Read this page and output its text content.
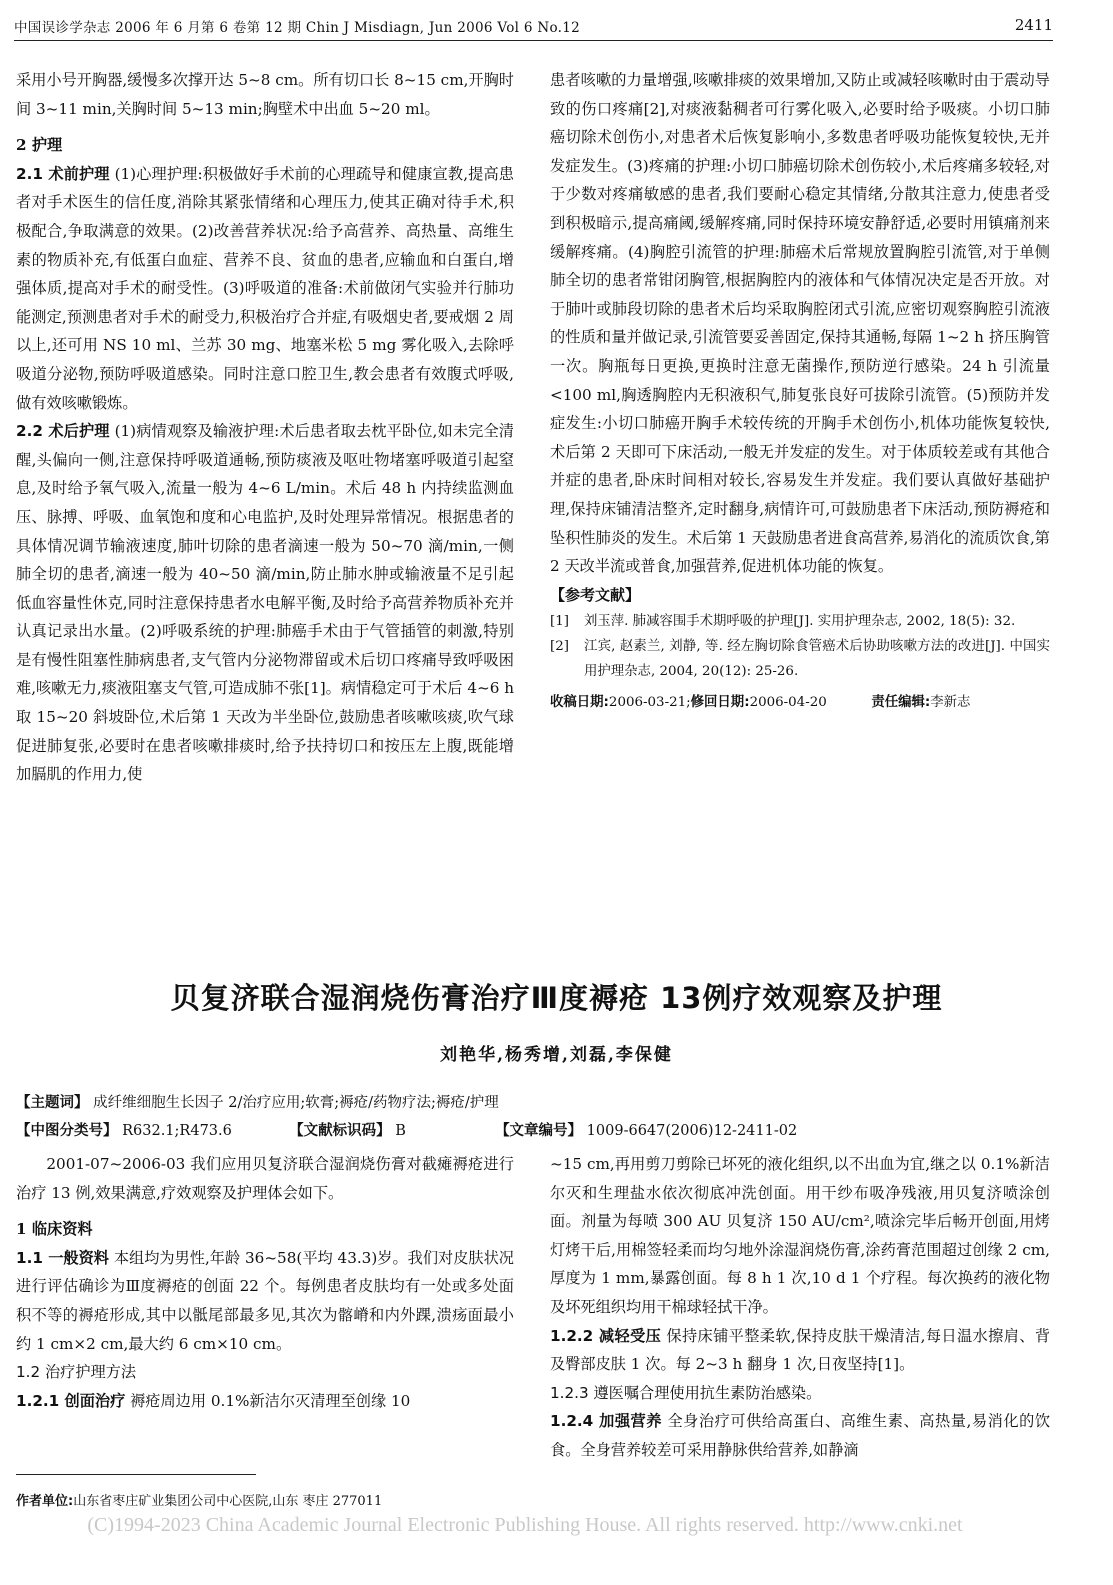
中国误诊学杂志 2006 年 6 月第 6 卷第 12 期 Chin J Misdiagn, Jun 2006 Vol 6 No.12	2411

采用小号开胸器,缓慢多次撑开达 5~8 cm。所有切口长 8~15 cm,开胸时间 3~11 min,关胸时间 5~13 min;胸壁术中出血 5~20 ml。

2 护理

2.1 术前护理 (1)心理护理:积极做好手术前的心理疏导和健康宣教,提高患者对手术医生的信任度,消除其紧张情绪和心理压力,使其正确对待手术,积极配合,争取满意的效果。(2)改善营养状况:给予高营养、高热量、高维生素的物质补充,有低蛋白血症、营养不良、贫血的患者,应输血和白蛋白,增强体质,提高对手术的耐受性。(3)呼吸道的准备:术前做闭气实验并行肺功能测定,预测患者对手术的耐受力,积极治疗合并症,有吸烟史者,要戒烟 2 周以上,还可用 NS 10 ml、兰苏 30 mg、地塞米松 5 mg 雾化吸入,去除呼吸道分泌物,预防呼吸道感染。同时注意口腔卫生,教会患者有效腹式呼吸,做有效咳嗽锻炼。

2.2 术后护理 (1)病情观察及输液护理:术后患者取去枕平卧位,如未完全清醒,头偏向一侧,注意保持呼吸道通畅,预防痰液及呕吐物堵塞呼吸道引起窒息,及时给予氧气吸入,流量一般为 4~6 L/min。术后 48 h 内持续监测血压、脉搏、呼吸、血氧饱和度和心电监护,及时处理异常情况。根据患者的具体情况调节输液速度,肺叶切除的患者滴速一般为 50~70 滴/min,一侧肺全切的患者,滴速一般为 40~50 滴/min,防止肺水肿或输液量不足引起低血容量性休克,同时注意保持患者水电解平衡,及时给予高营养物质补充并认真记录出水量。(2)呼吸系统的护理:肺癌手术由于气管插管的刺激,特别是有慢性阻塞性肺病患者,支气管内分泌物滞留或术后切口疼痛导致呼吸困难,咳嗽无力,痰液阻塞支气管,可造成肺不张[1]。病情稳定可于术后 4~6 h 取 15~20 斜坡卧位,术后第 1 天改为半坐卧位,鼓励患者咳嗽咳痰,吹气球促进肺复张,必要时在患者咳嗽排痰时,给予扶持切口和按压左上腹,既能增加膈肌的作用力,使

患者咳嗽的力量增强,咳嗽排痰的效果增加,又防止或减轻咳嗽时由于震动导致的伤口疼痛[2],对痰液黏稠者可行雾化吸入,必要时给予吸痰。小切口肺癌切除术创伤小,对患者术后恢复影响小,多数患者呼吸功能恢复较快,无并发症发生。(3)疼痛的护理:小切口肺癌切除术创伤较小,术后疼痛多较轻,对于少数对疼痛敏感的患者,我们要耐心稳定其情绪,分散其注意力,使患者受到积极暗示,提高痛阈,缓解疼痛,同时保持环境安静舒适,必要时用镇痛剂来缓解疼痛。(4)胸腔引流管的护理:肺癌术后常规放置胸腔引流管,对于单侧肺全切的患者常钳闭胸管,根据胸腔内的液体和气体情况决定是否开放。对于肺叶或肺段切除的患者术后均采取胸腔闭式引流,应密切观察胸腔引流液的性质和量并做记录,引流管要妥善固定,保持其通畅,每隔 1~2 h 挤压胸管一次。胸瓶每日更换,更换时注意无菌操作,预防逆行感染。24 h 引流量<100 ml,胸透胸腔内无积液积气,肺复张良好可拔除引流管。(5)预防并发症发生:小切口肺癌开胸手术较传统的开胸手术创伤小,机体功能恢复较快,术后第 2 天即可下床活动,一般无并发症的发生。对于体质较差或有其他合并症的患者,卧床时间相对较长,容易发生并发症。我们要认真做好基础护理,保持床铺清洁整齐,定时翻身,病情许可,可鼓励患者下床活动,预防褥疮和坠积性肺炎的发生。术后第 1 天鼓励患者进食高营养,易消化的流质饮食,第 2 天改半流或普食,加强营养,促进机体功能的恢复。

【参考文献】

[1] 刘玉萍. 肺减容围手术期呼吸的护理[J]. 实用护理杂志, 2002, 18(5): 32.
[2] 江宾, 赵素兰, 刘静, 等. 经左胸切除食管癌术后协助咳嗽方法的改进[J]. 中国实用护理杂志, 2004, 20(12): 25-26.
收稿日期:2006-03-21;修回日期:2006-04-20	责任编辑:李新志
贝复济联合湿润烧伤膏治疗Ⅲ度褥疮 13例疗效观察及护理
刘艳华,杨秀增,刘磊,李保健
【主题词】 成纤维细胞生长因子 2/治疗应用;软膏;褥疮/药物疗法;褥疮/护理
【中图分类号】 R632.1;R473.6	【文献标识码】 B	【文章编号】 1009-6647(2006)12-2411-02

2001-07~2006-03 我们应用贝复济联合湿润烧伤膏对截瘫褥疮进行治疗 13 例,效果满意,疗效观察及护理体会如下。

1 临床资料

1.1 一般资料 本组均为男性,年龄 36~58(平均 43.3)岁。我们对皮肤状况进行评估确诊为Ⅲ度褥疮的创面 22 个。每例患者皮肤均有一处或多处面积不等的褥疮形成,其中以骶尾部最多见,其次为髂嵴和内外踝,溃疡面最小约 1 cm×2 cm,最大约 6 cm×10 cm。

1.2 治疗护理方法

1.2.1 创面治疗 褥疮周边用 0.1%新洁尔灭清理至创缘 10

~15 cm,再用剪刀剪除已坏死的液化组织,以不出血为宜,继之以 0.1%新洁尔灭和生理盐水依次彻底冲洗创面。用干纱布吸净残液,用贝复济喷涂创面。剂量为每喷 300 AU 贝复济 150 AU/cm²,喷涂完毕后畅开创面,用烤灯烤干后,用棉签轻柔而均匀地外涂湿润烧伤膏,涂药膏范围超过创缘 2 cm,厚度为 1 mm,暴露创面。每 8 h 1 次,10 d 1 个疗程。每次换药的液化物及坏死组织均用干棉球轻拭干净。

1.2.2 减轻受压 保持床铺平整柔软,保持皮肤干燥清洁,每日温水擦肩、背及臀部皮肤 1 次。每 2~3 h 翻身 1 次,日夜坚持[1]。

1.2.3 遵医嘱合理使用抗生素防治感染。

1.2.4 加强营养 全身治疗可供给高蛋白、高维生素、高热量,易消化的饮食。全身营养较差可采用静脉供给营养,如静滴

作者单位:山东省枣庄矿业集团公司中心医院,山东 枣庄 277011
(C)1994-2023 China Academic Journal Electronic Publishing House. All rights reserved. http://www.cnki.net
